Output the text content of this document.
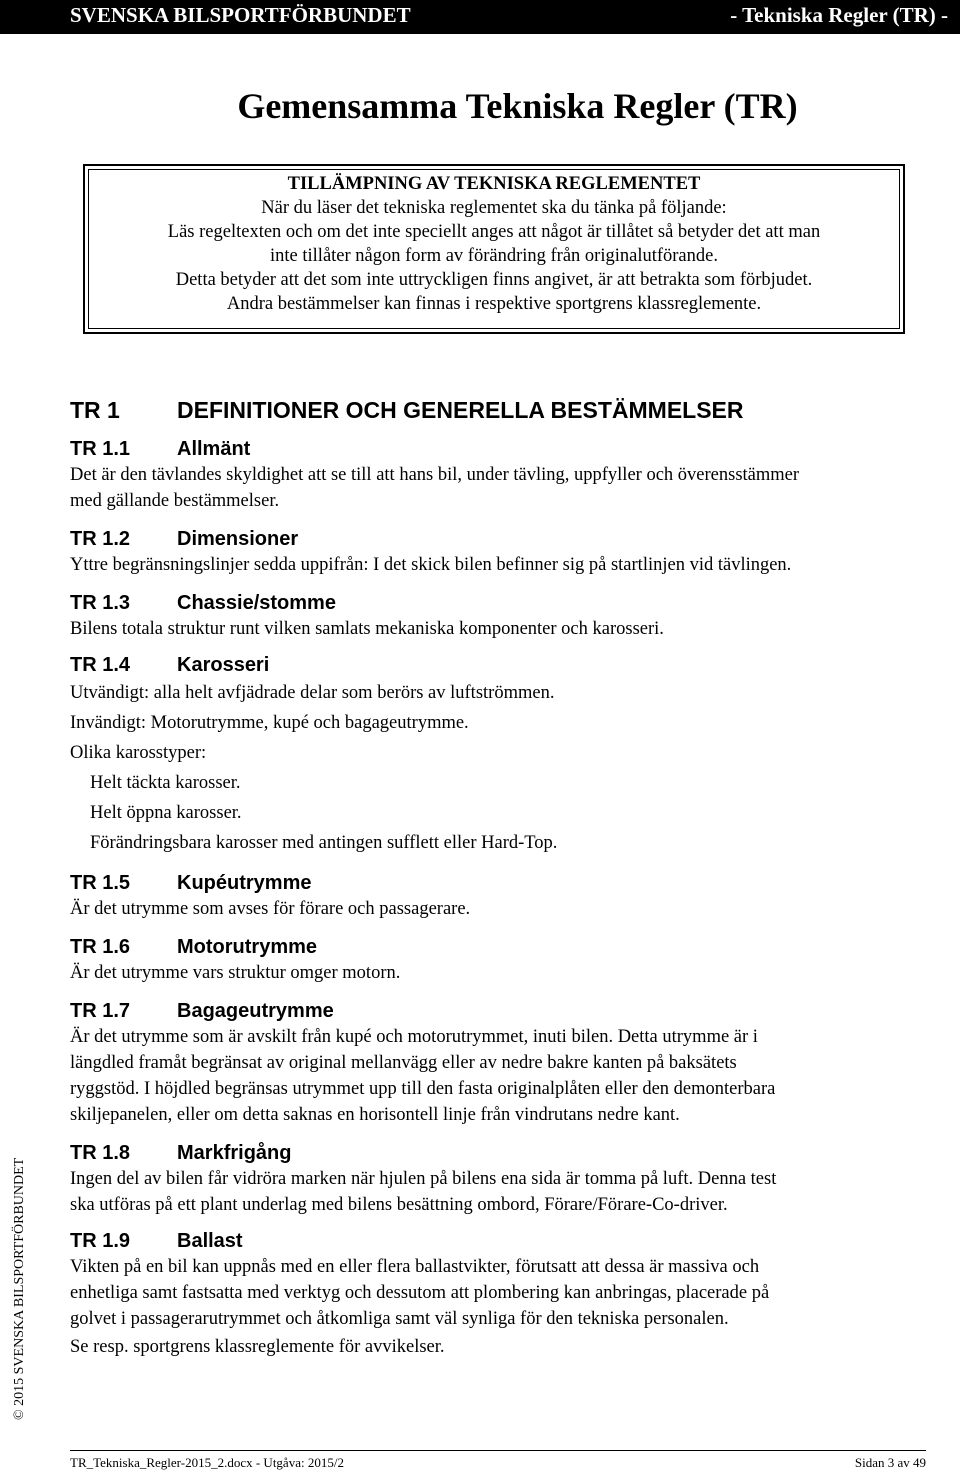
SVENSKA BILSPORTFÖRBUNDET	- Tekniska Regler (TR) -
Gemensamma Tekniska Regler (TR)
TILLÄMPNING AV TEKNISKA REGLEMENTET
När du läser det tekniska reglementet ska du tänka på följande:
Läs regeltexten och om det inte speciellt anges att något är tillåtet så betyder det att man
inte tillåter någon form av förändring från originalutförande.
Detta betyder att det som inte uttryckligen finns angivet, är att betrakta som förbjudet.
Andra bestämmelser kan finnas i respektive sportgrens klassreglemente.
TR 1 DEFINITIONER OCH GENERELLA BESTÄMMELSER
TR 1.1 Allmänt

Det är den tävlandes skyldighet att se till att hans bil, under tävling, uppfyller och överensstämmer

med gällande bestämmelser.

TR 1.2 Dimensioner

Yttre begränsningslinjer sedda uppifrån: I det skick bilen befinner sig på startlinjen vid tävlingen.

TR 1.3 Chassie/stomme

Bilens totala struktur runt vilken samlats mekaniska komponenter och karosseri.

TR 1.4 Karosseri

Utvändigt: alla helt avfjädrade delar som berörs av luftströmmen.

Invändigt: Motorutrymme, kupé och bagageutrymme.

Olika karosstyper:

Helt täckta karosser.

Helt öppna karosser.

Förändringsbara karosser med antingen sufflett eller Hard-Top.

TR 1.5 Kupéutrymme

Är det utrymme som avses för förare och passagerare.

TR 1.6 Motorutrymme

Är det utrymme vars struktur omger motorn.

TR 1.7 Bagageutrymme

Är det utrymme som är avskilt från kupé och motorutrymmet, inuti bilen. Detta utrymme är i

längdled framåt begränsat av original mellanvägg eller av nedre bakre kanten på baksätets

ryggstöd. I höjdled begränsas utrymmet upp till den fasta originalplåten eller den demonterbara

skiljepanelen, eller om detta saknas en horisontell linje från vindrutans nedre kant.

TR 1.8 Markfrigång

Ingen del av bilen får vidröra marken när hjulen på bilens ena sida är tomma på luft. Denna test

ska utföras på ett plant underlag med bilens besättning ombord, Förare/Förare-Co-driver.

TR 1.9 Ballast

Vikten på en bil kan uppnås med en eller flera ballastvikter, förutsatt att dessa är massiva och

enhetliga samt fastsatta med verktyg och dessutom att plombering kan anbringas, placerade på

golvet i passagerarutrymmet och åtkomliga samt väl synliga för den tekniska personalen.

Se resp. sportgrens klassreglemente för avvikelser.

© 2015 SVENSKA BILSPORTFÖRBUNDET
TR_Tekniska_Regler-2015_2.docx - Utgåva: 2015/2	Sidan 3 av 49
